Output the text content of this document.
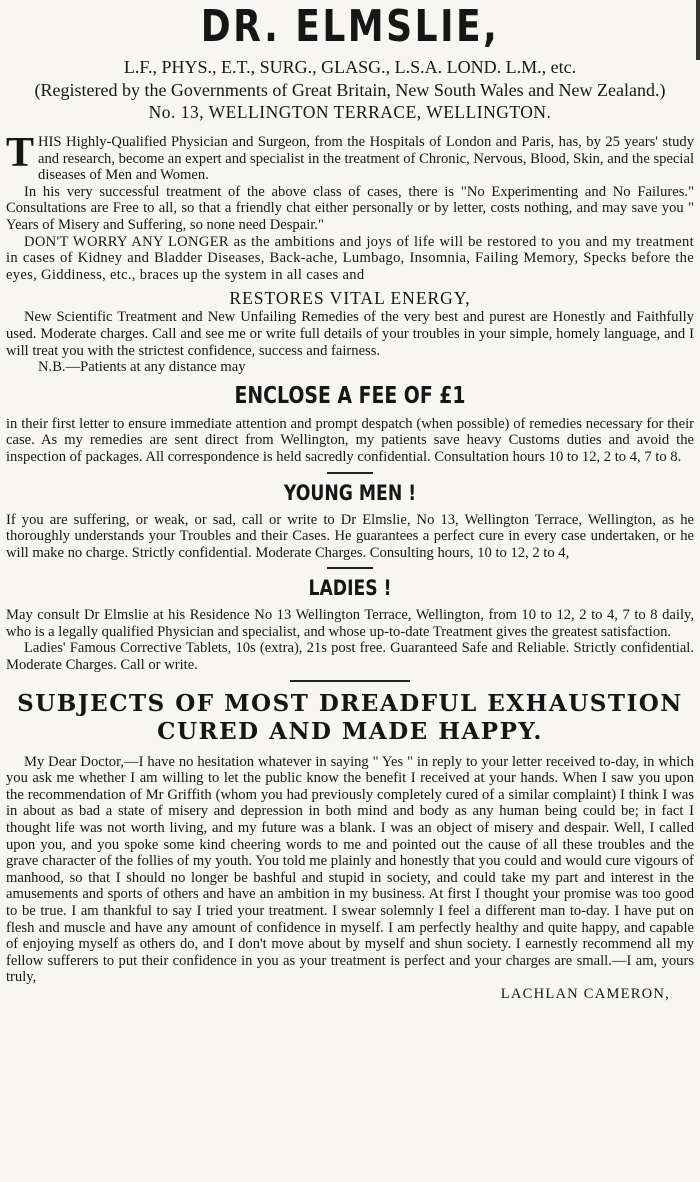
DR. ELMSLIE,
L.F., PHYS., E.T., SURG., GLASG., L.S.A. LOND. L.M., etc.
(Registered by the Governments of Great Britain, New South Wales and New Zealand.)
No. 13, WELLINGTON TERRACE, WELLINGTON.

THIS Highly-Qualified Physician and Surgeon, from the Hospitals of London and Paris, has, by 25 years' study and research, become an expert and specialist in the treatment of Chronic, Nervous, Blood, Skin, and the special diseases of Men and Women.

In his very successful treatment of the above class of cases, there is "No Experimenting and No Failures." Consultations are Free to all, so that a friendly chat either personally or by letter, costs nothing, and may save you " Years of Misery and Suffering, so none need Despair."

DON'T WORRY ANY LONGER as the ambitions and joys of life will be restored to you and my treatment in cases of Kidney and Bladder Diseases, Back-ache, Lumbago, Insomnia, Failing Memory, Specks before the eyes, Giddiness, etc., braces up the system in all cases and

RESTORES VITAL ENERGY,

New Scientific Treatment and New Unfailing Remedies of the very best and purest are Honestly and Faithfully used. Moderate charges. Call and see me or write full details of your troubles in your simple, homely language, and I will treat you with the strictest confidence, success and fairness.

N.B.—Patients at any distance may

ENCLOSE A FEE OF £1

in their first letter to ensure immediate attention and prompt despatch (when possible) of remedies necessary for their case. As my remedies are sent direct from Wellington, my patients save heavy Customs duties and avoid the inspection of packages. All correspondence is held sacredly confidential. Consultation hours 10 to 12, 2 to 4, 7 to 8.

YOUNG MEN !

If you are suffering, or weak, or sad, call or write to Dr Elmslie, No 13, Wellington Terrace, Wellington, as he thoroughly understands your Troubles and their Cases. He guarantees a perfect cure in every case undertaken, or he will make no charge. Strictly confidential. Moderate Charges. Consulting hours, 10 to 12, 2 to 4,

LADIES !

May consult Dr Elmslie at his Residence No 13 Wellington Terrace, Wellington, from 10 to 12, 2 to 4, 7 to 8 daily, who is a legally qualified Physician and specialist, and whose up-to-date Treatment gives the greatest satisfaction.

Ladies' Famous Corrective Tablets, 10s (extra), 21s post free. Guaranteed Safe and Reliable. Strictly confidential. Moderate Charges. Call or write.

SUBJECTS OF MOST DREADFUL EXHAUSTION
CURED AND MADE HAPPY.

My Dear Doctor,—I have no hesitation whatever in saying " Yes " in reply to your letter received to-day, in which you ask me whether I am willing to let the public know the benefit I received at your hands. When I saw you upon the recommendation of Mr Griffith (whom you had previously completely cured of a similar complaint) I think I was in about as bad a state of misery and depression in both mind and body as any human being could be; in fact I thought life was not worth living, and my future was a blank. I was an object of misery and despair. Well, I called upon you, and you spoke some kind cheering words to me and pointed out the cause of all these troubles and the grave character of the follies of my youth. You told me plainly and honestly that you could and would cure vigours of manhood, so that I should no longer be bashful and stupid in society, and could take my part and interest in the amusements and sports of others and have an ambition in my business. At first I thought your promise was too good to be true. I am thankful to say I tried your treatment. I swear solemnly I feel a different man to-day. I have put on flesh and muscle and have any amount of confidence in myself. I am perfectly healthy and quite happy, and capable of enjoying myself as others do, and I don't move about by myself and shun society. I earnestly recommend all my fellow sufferers to put their confidence in you as your treatment is perfect and your charges are small.—I am, yours truly,

LACHLAN CAMERON,
